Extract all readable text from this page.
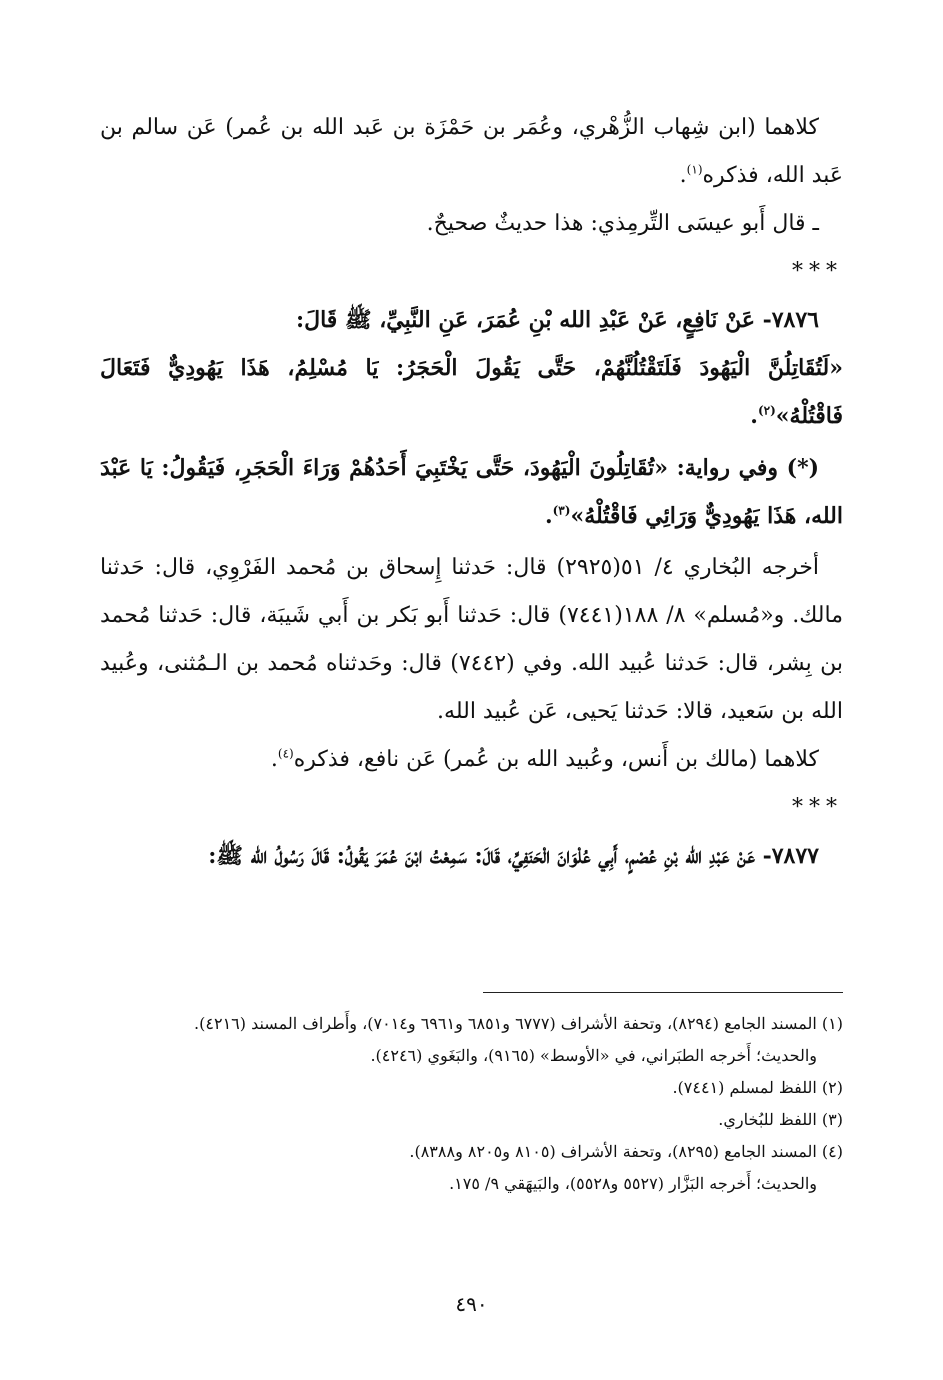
كلاهما (ابن شِهاب الزُّهْري، وعُمَر بن حَمْزَة بن عَبد الله بن عُمر) عَن سالم بن عَبد الله، فذكره$^{(١)}$.

ـ قال أَبو عيسَى التِّرمِذي: هذا حديثٌ صحيحٌ.

***

٧٨٧٦- عَنْ نَافِعٍ، عَنْ عَبْدِ الله بْنِ عُمَرَ، عَنِ النَّبِيِّ، ﷺ قَالَ:

«لَتُقَاتِلُنَّ الْيَهُودَ فَلَتَقْتُلُنَّهُمْ، حَتَّى يَقُولَ الْحَجَرُ: يَا مُسْلِمُ، هَذَا يَهُودِيٌّ فَتَعَالَ فَاقْتُلْهُ»$^{(٢)}$.

(*) وفي رواية: «تُقَاتِلُونَ الْيَهُودَ، حَتَّى يَخْتَبِيَ أَحَدُهُمْ وَرَاءَ الْحَجَرِ، فَيَقُولُ: يَا عَبْدَ الله، هَذَا يَهُودِيٌّ وَرَائِي فَاقْتُلْهُ»$^{(٣)}$.

أخرجه البُخاري ٤/ ٥١(٢٩٢٥) قال: حَدثنا إِسحاق بن مُحمد الفَرْوِي، قال: حَدثنا مالك. و«مُسلم» ٨/ ١٨٨(٧٤٤١) قال: حَدثنا أَبو بَكر بن أَبي شَيبَة، قال: حَدثنا مُحمد بن بِشر، قال: حَدثنا عُبيد الله. وفي (٧٤٤٢) قال: وحَدثناه مُحمد بن الـمُثنى، وعُبيد الله بن سَعيد، قالا: حَدثنا يَحيى، عَن عُبيد الله.

كلاهما (مالك بن أَنس، وعُبيد الله بن عُمر) عَن نافع، فذكره$^{(٤)}$.

***

٧٨٧٧- عَنْ عَبْدِ الله بْنِ عُصْمٍ، أَبِي عُلْوَانَ الْحَنَفِيِّ، قَالَ: سَمِعْتُ ابْنَ عُمَرَ يَقُولُ: قَالَ رَسُولُ الله ﷺ:

(١) المسند الجامع (٨٢٩٤)، وتحفة الأشراف (٦٧٧٧ و٦٨٥١ و٦٩٦١ و٧٠١٤)، وأَطراف المسند (٤٢١٦).

والحديث؛ أَخرجه الطبَراني، في «الأوسط» (٩١٦٥)، والبَغَوي (٤٢٤٦).

(٢) اللفظ لمسلم (٧٤٤١).

(٣) اللفظ للبُخاري.

(٤) المسند الجامع (٨٢٩٥)، وتحفة الأشراف (٨١٠٥ و٨٢٠٥ و٨٣٨٨).

والحديث؛ أَخرجه البَزَّار (٥٥٢٧ و٥٥٢٨)، والبَيهَقي ٩/ ١٧٥.

٤٩٠
